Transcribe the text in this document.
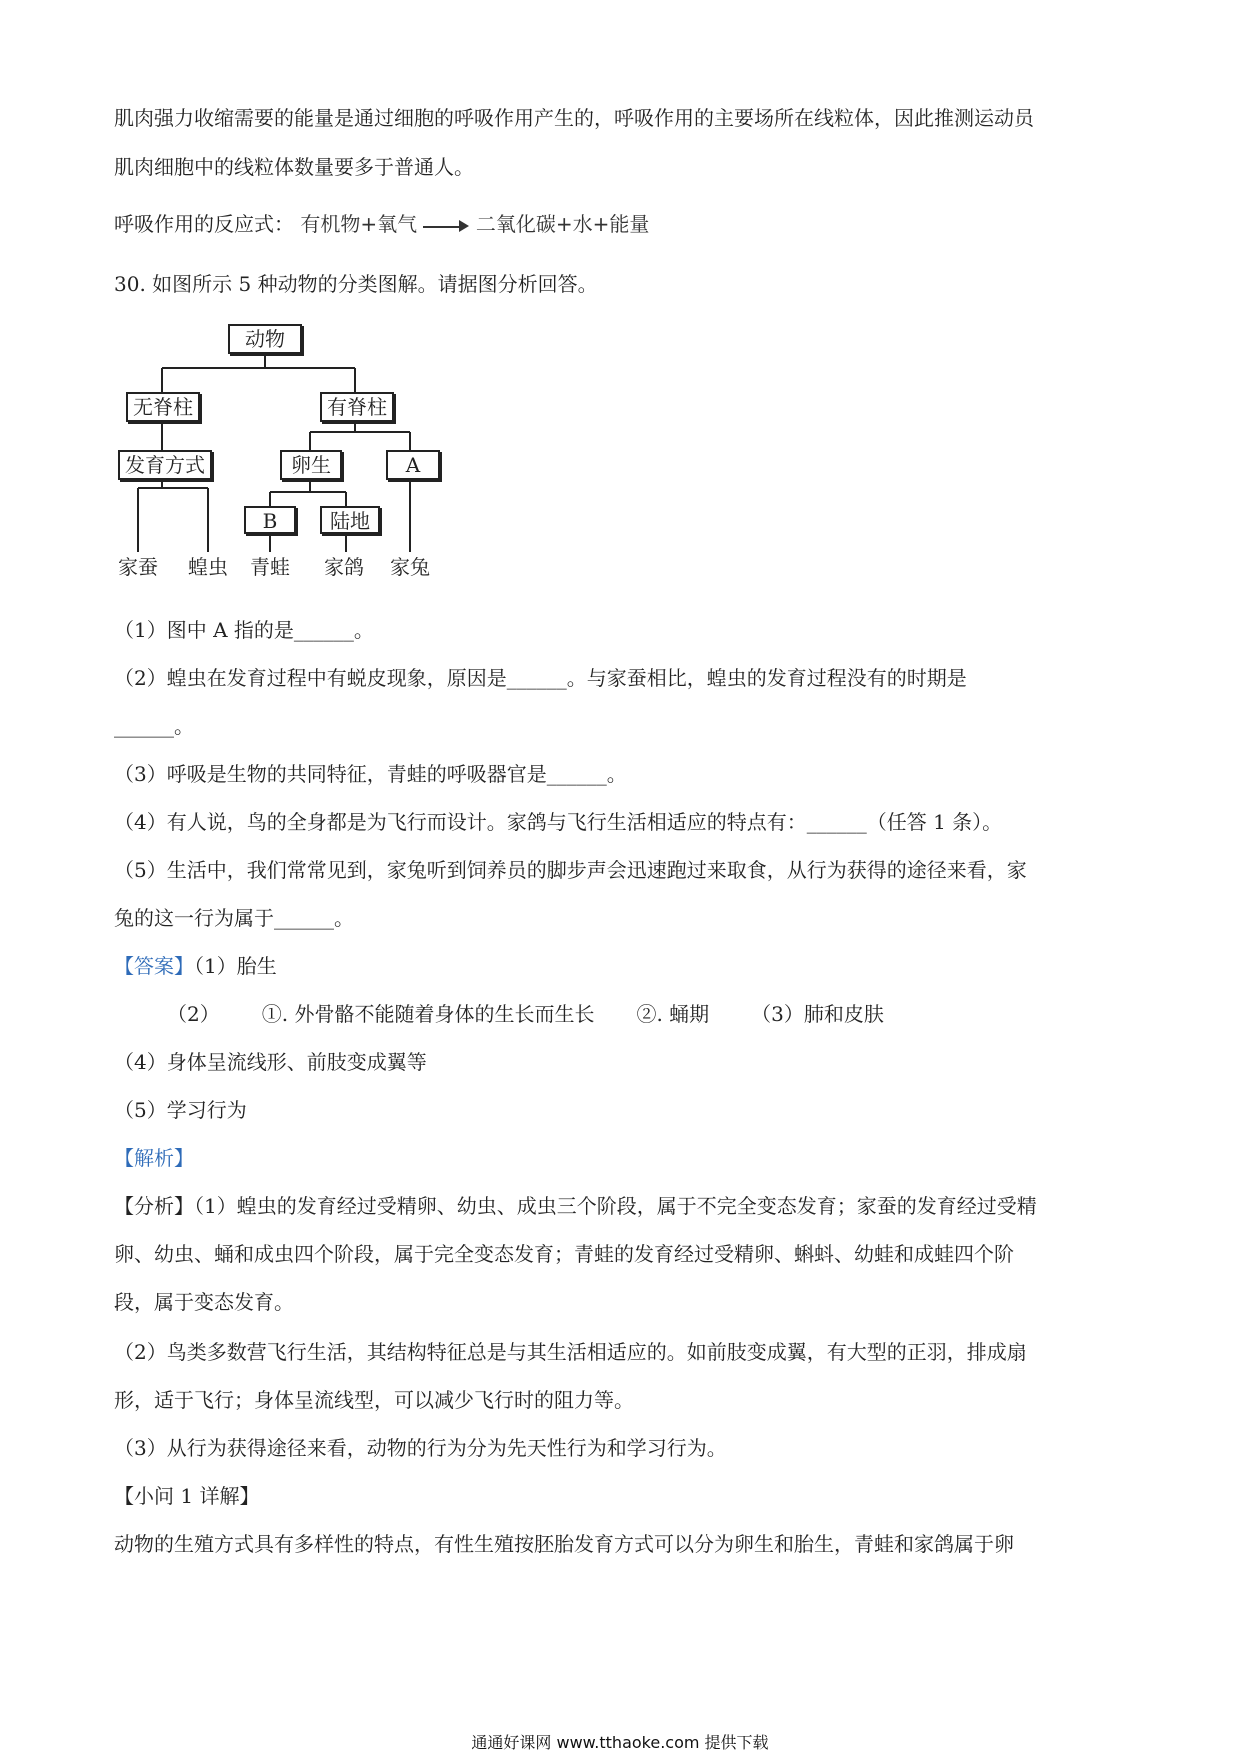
肌肉强力收缩需要的能量是通过细胞的呼吸作用产生的，呼吸作用的主要场所在线粒体，因此推测运动员
肌肉细胞中的线粒体数量要多于普通人。
呼吸作用的反应式： 有机物+氧气	二氧化碳+水+能量
30. 如图所示 5 种动物的分类图解。请据图分析回答。
动物
无脊柱	有脊柱
发育方式	卵生	A
B	陆地
家蚕 蝗虫 青蛙 家鸽 家兔
（1）图中 A 指的是______。
（2）蝗虫在发育过程中有蜕皮现象，原因是______。与家蚕相比，蝗虫的发育过程没有的时期是
______。
（3）呼吸是生物的共同特征，青蛙的呼吸器官是______。
（4）有人说，鸟的全身都是为飞行而设计。家鸽与飞行生活相适应的特点有：______（任答 1 条）。
（5）生活中，我们常常见到，家兔听到饲养员的脚步声会迅速跑过来取食，从行为获得的途径来看，家
兔的这一行为属于______。
【答案】（1）胎生
（2） ①. 外骨骼不能随着身体的生长而生长 ②. 蛹期 （3）肺和皮肤
（4）身体呈流线形、前肢变成翼等
（5）学习行为
【解析】
【分析】（1）蝗虫的发育经过受精卵、幼虫、成虫三个阶段，属于不完全变态发育；家蚕的发育经过受精
卵、幼虫、蛹和成虫四个阶段，属于完全变态发育；青蛙的发育经过受精卵、蝌蚪、幼蛙和成蛙四个阶
段，属于变态发育。
（2）鸟类多数营飞行生活，其结构特征总是与其生活相适应的。如前肢变成翼，有大型的正羽，排成扇
形，适于飞行；身体呈流线型，可以减少飞行时的阻力等。
（3）从行为获得途径来看，动物的行为分为先天性行为和学习行为。
【小问 1 详解】
动物的生殖方式具有多样性的特点，有性生殖按胚胎发育方式可以分为卵生和胎生，青蛙和家鸽属于卵
通通好课网 www.tthaoke.com 提供下载
